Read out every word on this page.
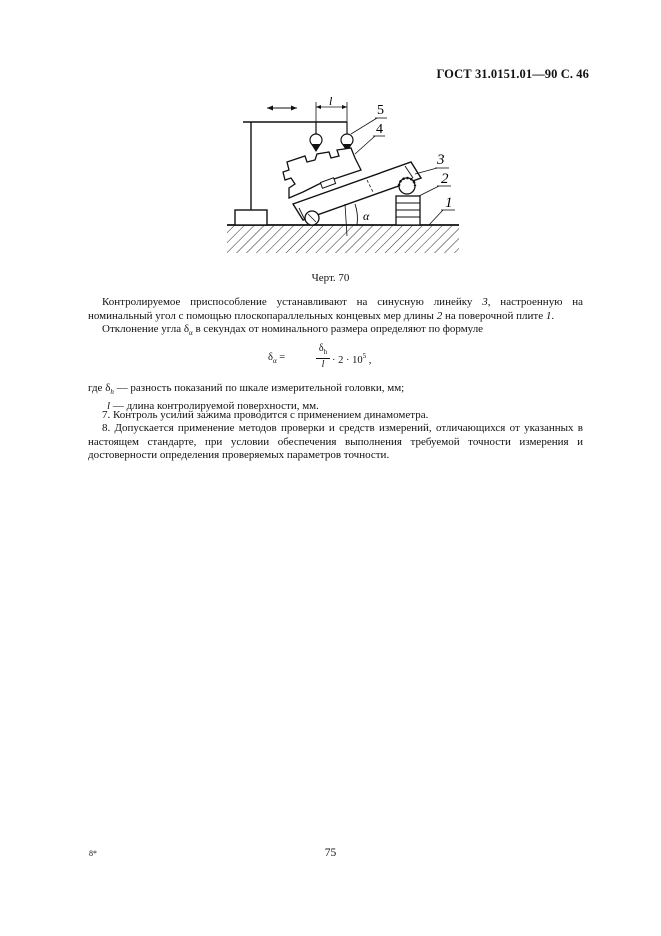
ГОСТ 31.0151.01—90 С. 46
l
5
4
α
3
2
1
Черт. 70
Контролируемое приспособление устанавливают на синусную линейку 3, настроенную на номинальный угол с помощью плоскопараллельных концевых мер длины 2 на поверочной плите 1.
Отклонение угла $\delta_\alpha$ в секундах от номинального размера определяют по формуле
$\delta_\alpha$ =	$\frac{\delta_h}{l} \cdot 2 \cdot 10^5$ ,
где $\delta_h$ — разность показаний по шкале измерительной головки, мм;
l — длина контролируемой поверхности, мм.
7. Контроль усилий зажима проводится с применением динамометра.
8. Допускается применение методов проверки и средств измерений, отличающихся от указанных в настоящем стандарте, при условии обеспечения выполнения требуемой точности измерения и достоверности определения проверяемых параметров точности.
8*	75
